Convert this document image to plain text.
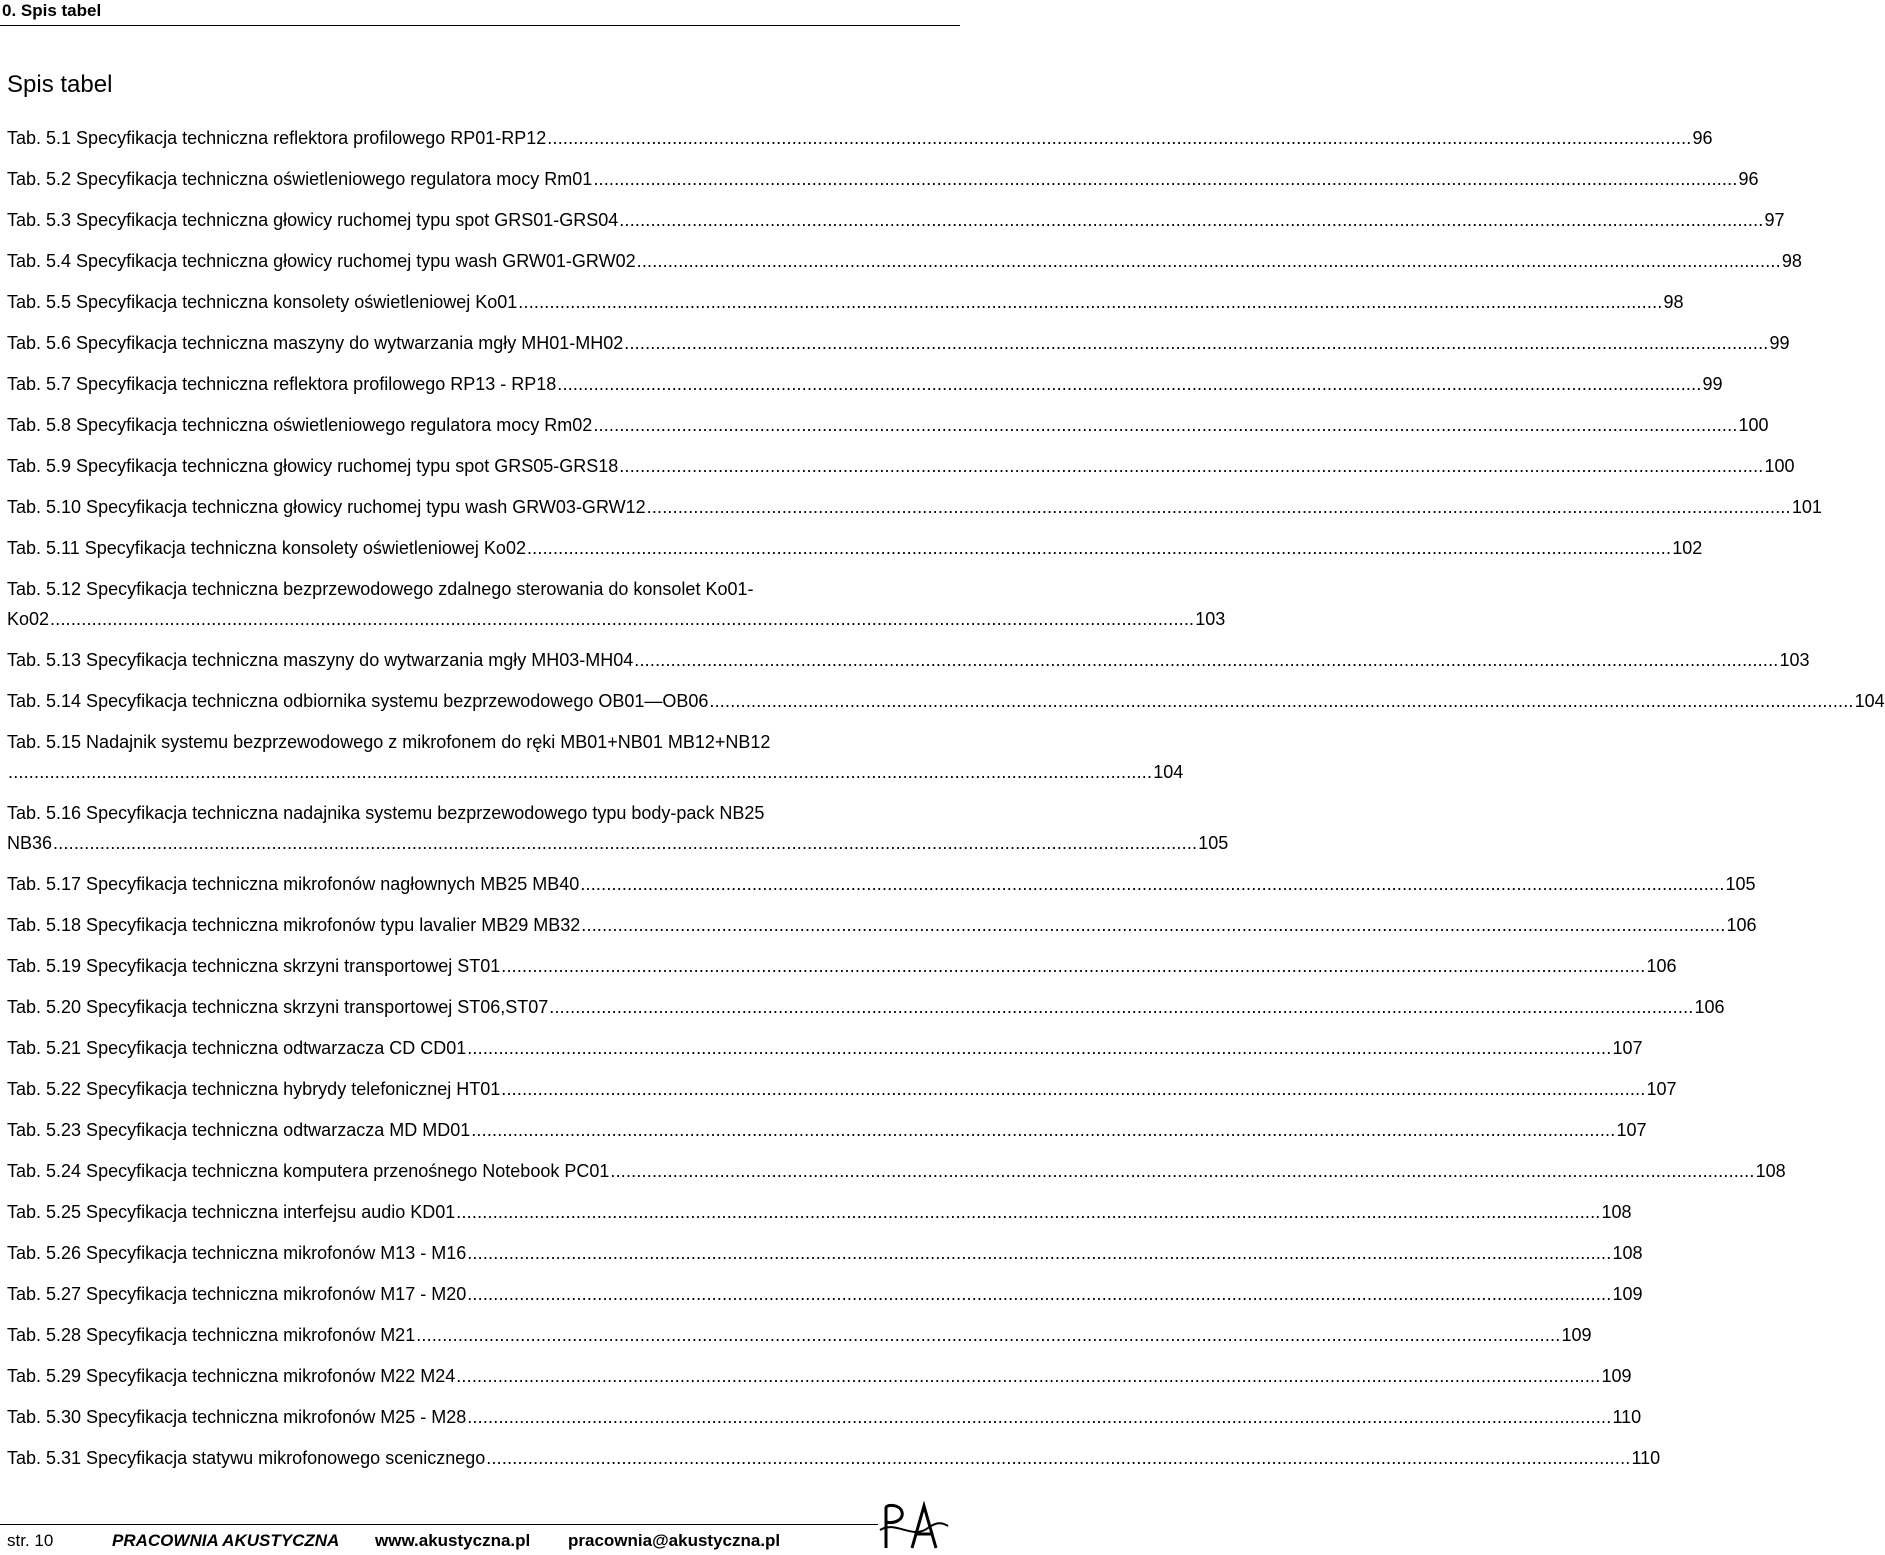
0. Spis tabel
Spis tabel
Tab. 5.1 Specyfikacja techniczna reflektora profilowego RP01-RP12 ............................................................................................................................................................................................................................ 96
Tab. 5.2 Specyfikacja techniczna oświetleniowego regulatora mocy Rm01 ............................................................................................................................................................................................................................ 96
Tab. 5.3 Specyfikacja techniczna głowicy ruchomej typu spot GRS01-GRS04 ............................................................................................................................................................................................................................ 97
Tab. 5.4 Specyfikacja techniczna głowicy ruchomej typu wash GRW01-GRW02 ............................................................................................................................................................................................................................ 98
Tab. 5.5 Specyfikacja techniczna konsolety oświetleniowej Ko01 ............................................................................................................................................................................................................................ 98
Tab. 5.6 Specyfikacja techniczna maszyny do wytwarzania mgły MH01-MH02 ............................................................................................................................................................................................................................ 99
Tab. 5.7 Specyfikacja techniczna reflektora profilowego RP13 - RP18 ............................................................................................................................................................................................................................ 99
Tab. 5.8 Specyfikacja techniczna oświetleniowego regulatora mocy Rm02 ............................................................................................................................................................................................................................ 100
Tab. 5.9 Specyfikacja techniczna głowicy ruchomej typu spot GRS05-GRS18 ............................................................................................................................................................................................................................ 100
Tab. 5.10 Specyfikacja techniczna głowicy ruchomej typu wash GRW03-GRW12 ............................................................................................................................................................................................................................ 101
Tab. 5.11 Specyfikacja techniczna konsolety oświetleniowej Ko02 ............................................................................................................................................................................................................................ 102
Tab. 5.12 Specyfikacja techniczna bezprzewodowego zdalnego sterowania do konsolet Ko01-
Ko02 ............................................................................................................................................................................................................................ 103
Tab. 5.13 Specyfikacja techniczna maszyny do wytwarzania mgły MH03-MH04 ............................................................................................................................................................................................................................ 103
Tab. 5.14 Specyfikacja techniczna odbiornika systemu bezprzewodowego OB01—OB06 ............................................................................................................................................................................................................................ 104
Tab. 5.15 Nadajnik systemu bezprzewodowego z mikrofonem do ręki MB01+NB01 MB12+NB12
............................................................................................................................................................................................................................ 104
Tab. 5.16 Specyfikacja techniczna nadajnika systemu bezprzewodowego typu body-pack NB25
NB36 ............................................................................................................................................................................................................................ 105
Tab. 5.17 Specyfikacja techniczna mikrofonów nagłownych MB25 MB40 ............................................................................................................................................................................................................................ 105
Tab. 5.18 Specyfikacja techniczna mikrofonów typu lavalier MB29 MB32 ............................................................................................................................................................................................................................ 106
Tab. 5.19 Specyfikacja techniczna skrzyni transportowej ST01 ............................................................................................................................................................................................................................ 106
Tab. 5.20 Specyfikacja techniczna skrzyni transportowej ST06,ST07 ............................................................................................................................................................................................................................ 106
Tab. 5.21 Specyfikacja techniczna odtwarzacza CD CD01 ............................................................................................................................................................................................................................ 107
Tab. 5.22 Specyfikacja techniczna hybrydy telefonicznej HT01 ............................................................................................................................................................................................................................ 107
Tab. 5.23 Specyfikacja techniczna odtwarzacza MD MD01 ............................................................................................................................................................................................................................ 107
Tab. 5.24 Specyfikacja techniczna komputera przenośnego Notebook PC01 ............................................................................................................................................................................................................................ 108
Tab. 5.25 Specyfikacja techniczna interfejsu audio KD01 ............................................................................................................................................................................................................................ 108
Tab. 5.26 Specyfikacja techniczna mikrofonów M13 - M16 ............................................................................................................................................................................................................................ 108
Tab. 5.27 Specyfikacja techniczna mikrofonów M17 - M20 ............................................................................................................................................................................................................................ 109
Tab. 5.28 Specyfikacja techniczna mikrofonów M21 ............................................................................................................................................................................................................................ 109
Tab. 5.29 Specyfikacja techniczna mikrofonów M22 M24 ............................................................................................................................................................................................................................ 109
Tab. 5.30 Specyfikacja techniczna mikrofonów M25 - M28 ............................................................................................................................................................................................................................ 110
Tab. 5.31 Specyfikacja statywu mikrofonowego scenicznego ............................................................................................................................................................................................................................ 110
str. 10	PRACOWNIA AKUSTYCZNA www.akustyczna.pl pracownia@akustyczna.pl
